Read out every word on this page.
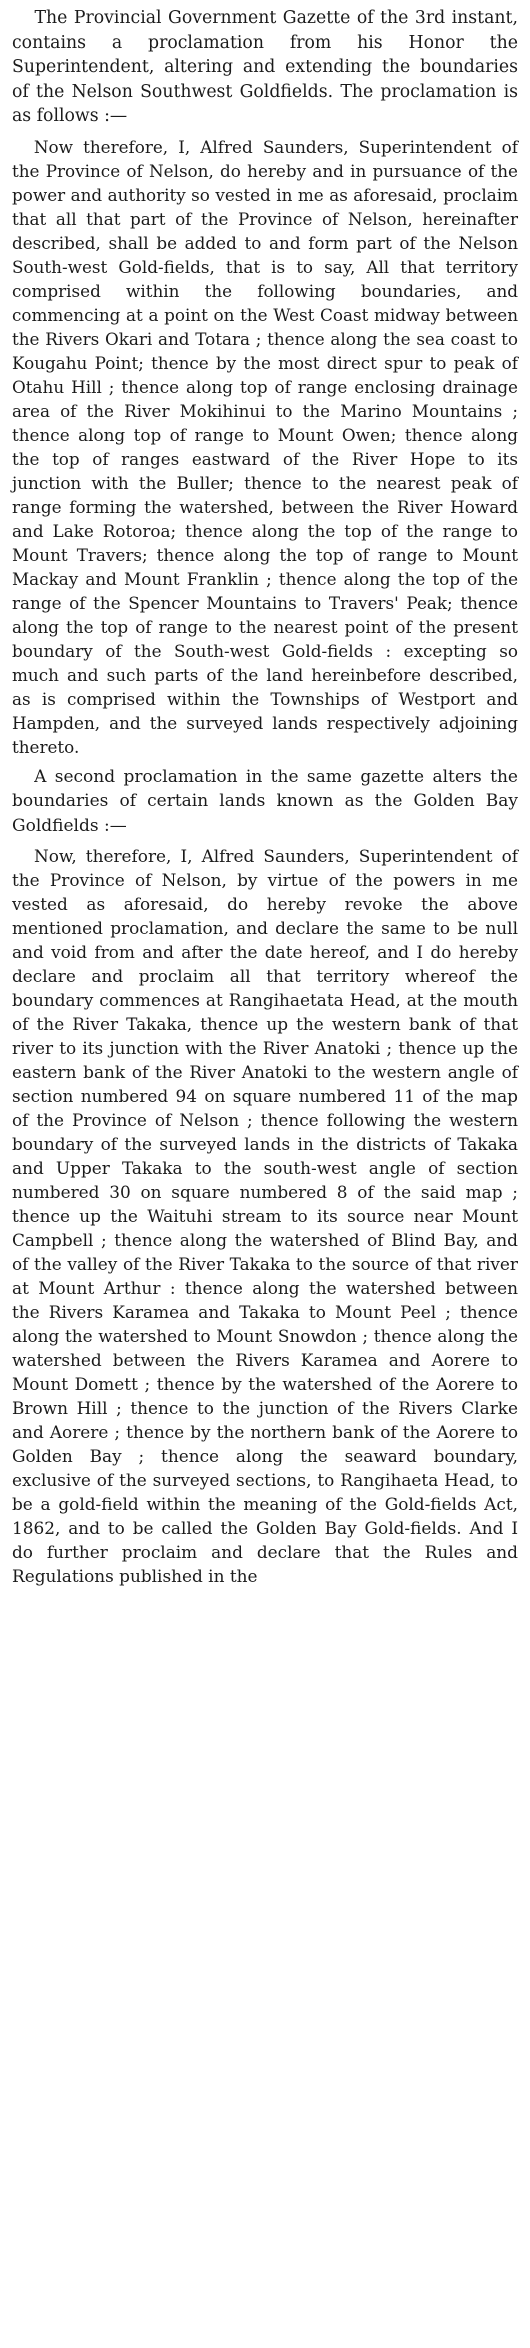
The Provincial Government Gazette of the 3rd instant, contains a proclamation from his Honor the Superintendent, altering and extending the boundaries of the Nelson Southwest Goldfields. The proclamation is as follows :—

Now therefore, I, Alfred Saunders, Superintendent of the Province of Nelson, do hereby and in pursuance of the power and authority so vested in me as aforesaid, proclaim that all that part of the Province of Nelson, hereinafter described, shall be added to and form part of the Nelson South-west Gold-fields, that is to say, All that territory comprised within the following boundaries, and commencing at a point on the West Coast midway between the Rivers Okari and Totara ; thence along the sea coast to Kougahu Point; thence by the most direct spur to peak of Otahu Hill ; thence along top of range enclosing drainage area of the River Mokihinui to the Marino Mountains ; thence along top of range to Mount Owen; thence along the top of ranges eastward of the River Hope to its junction with the Buller; thence to the nearest peak of range forming the watershed, between the River Howard and Lake Rotoroa; thence along the top of the range to Mount Travers; thence along the top of range to Mount Mackay and Mount Franklin ; thence along the top of the range of the Spencer Mountains to Travers' Peak; thence along the top of range to the nearest point of the present boundary of the South-west Gold-fields : excepting so much and such parts of the land hereinbefore described, as is comprised within the Townships of Westport and Hampden, and the surveyed lands respectively adjoining thereto.

A second proclamation in the same gazette alters the boundaries of certain lands known as the Golden Bay Goldfields :—

Now, therefore, I, Alfred Saunders, Superintendent of the Province of Nelson, by virtue of the powers in me vested as aforesaid, do hereby revoke the above mentioned proclamation, and declare the same to be null and void from and after the date hereof, and I do hereby declare and proclaim all that territory whereof the boundary commences at Rangihaetata Head, at the mouth of the River Takaka, thence up the western bank of that river to its junction with the River Anatoki ; thence up the eastern bank of the River Anatoki to the western angle of section numbered 94 on square numbered 11 of the map of the Province of Nelson ; thence following the western boundary of the surveyed lands in the districts of Takaka and Upper Takaka to the south-west angle of section numbered 30 on square numbered 8 of the said map ; thence up the Waituhi stream to its source near Mount Campbell ; thence along the watershed of Blind Bay, and of the valley of the River Takaka to the source of that river at Mount Arthur : thence along the watershed between the Rivers Karamea and Takaka to Mount Peel ; thence along the watershed to Mount Snowdon ; thence along the watershed between the Rivers Karamea and Aorere to Mount Domett ; thence by the watershed of the Aorere to Brown Hill ; thence to the junction of the Rivers Clarke and Aorere ; thence by the northern bank of the Aorere to Golden Bay ; thence along the seaward boundary, exclusive of the surveyed sections, to Rangihaeta Head, to be a gold-field within the meaning of the Gold-fields Act, 1862, and to be called the Golden Bay Gold-fields. And I do further proclaim and declare that the Rules and Regulations published in the
